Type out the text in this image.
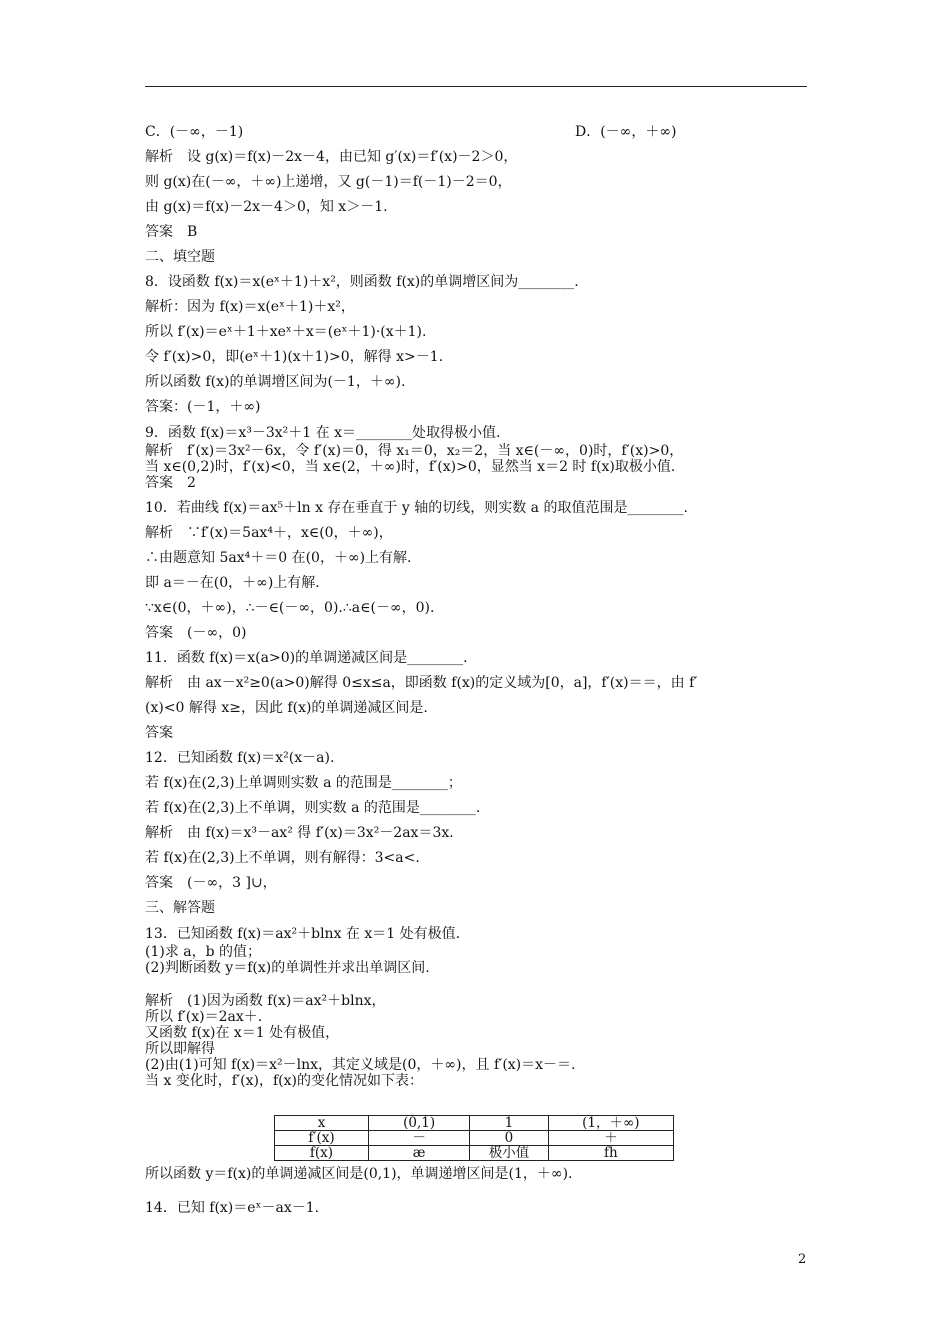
C．(－∞，－1)	D．(－∞，＋∞)
解析　设 g(x)＝f(x)－2x－4，由已知 g′(x)＝f′(x)－2＞0，
则 g(x)在(－∞，＋∞)上递增，又 g(－1)＝f(－1)－2＝0，
由 g(x)＝f(x)－2x－4＞0，知 x＞－1.
答案　B
二、填空题
8．设函数 f(x)＝x(eˣ＋1)＋x²，则函数 f(x)的单调增区间为________.
解析：因为 f(x)＝x(eˣ＋1)＋x²，
所以 f′(x)＝eˣ＋1＋xeˣ＋x＝(eˣ＋1)·(x＋1).
令 f′(x)>0，即(eˣ＋1)(x＋1)>0，解得 x>－1.
所以函数 f(x)的单调增区间为(－1，＋∞).
答案：(－1，＋∞)
9．函数 f(x)＝x³－3x²＋1 在 x＝________处取得极小值.
解析　f′(x)＝3x²－6x，令 f′(x)＝0，得 x₁＝0，x₂＝2，当 x∈(－∞，0)时，f′(x)>0，
当 x∈(0,2)时，f′(x)<0，当 x∈(2，＋∞)时，f′(x)>0，显然当 x＝2 时 f(x)取极小值.
答案　2
10．若曲线 f(x)＝ax⁵＋ln x 存在垂直于 y 轴的切线，则实数 a 的取值范围是________.
解析　∵f′(x)＝5ax⁴＋，x∈(0，＋∞)，
∴由题意知 5ax⁴＋＝0 在(0，＋∞)上有解.
即 a＝－在(0，＋∞)上有解.
∵x∈(0，＋∞)，∴－∈(－∞，0).∴a∈(－∞，0).
答案　(－∞，0)
11．函数 f(x)＝x(a>0)的单调递减区间是________.
解析　由 ax－x²≥0(a>0)解得 0≤x≤a，即函数 f(x)的定义域为[0，a]，f′(x)＝＝，由 f′
(x)<0 解得 x≥，因此 f(x)的单调递减区间是.
答案
12．已知函数 f(x)＝x²(x－a).
若 f(x)在(2,3)上单调则实数 a 的范围是________；
若 f(x)在(2,3)上不单调，则实数 a 的范围是________.
解析　由 f(x)＝x³－ax² 得 f′(x)＝3x²－2ax＝3x.
若 f(x)在(2,3)上不单调，则有解得：3<a<.
答案　(－∞，3 ]∪，
三、解答题
13．已知函数 f(x)＝ax²＋blnx 在 x＝1 处有极值.
(1)求 a，b 的值；
(2)判断函数 y＝f(x)的单调性并求出单调区间.
解析　(1)因为函数 f(x)＝ax²＋blnx，
所以 f′(x)＝2ax＋.
又函数 f(x)在 x＝1 处有极值，
所以即解得
(2)由(1)可知 f(x)＝x²－lnx，其定义域是(0，＋∞)，且 f′(x)＝x－＝.
当 x 变化时，f′(x)，f(x)的变化情况如下表：
x	(0,1)	1	(1，＋∞)
f′(x)	－	0	＋
f(x)	æ	极小值	fh
所以函数 y＝f(x)的单调递减区间是(0,1)，单调递增区间是(1，＋∞).
14．已知 f(x)＝eˣ－ax－1.
2
